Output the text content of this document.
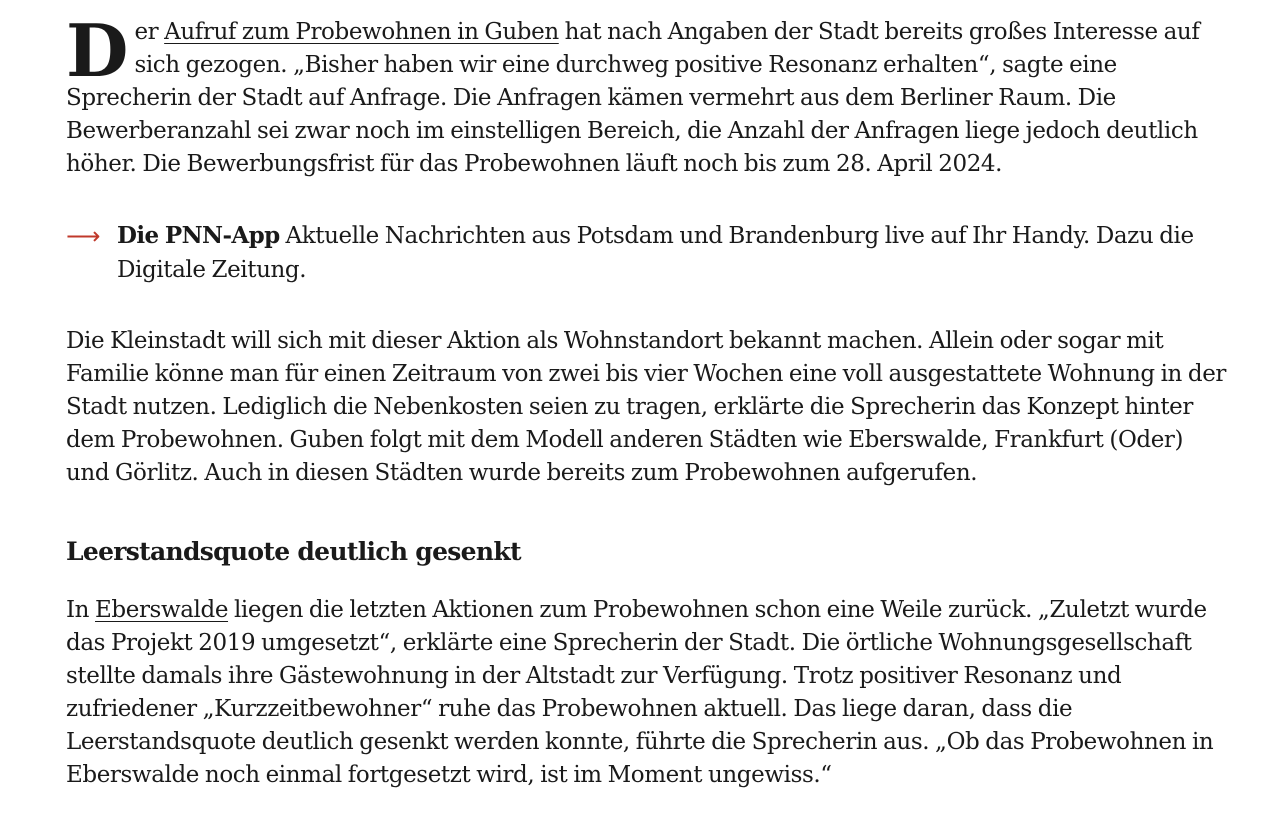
Der Aufruf zum Probewohnen in Guben hat nach Angaben der Stadt bereits großes Interesse auf sich gezogen. „Bisher haben wir eine durchweg positive Resonanz erhalten“, sagte eine Sprecherin der Stadt auf Anfrage. Die Anfragen kämen vermehrt aus dem Berliner Raum. Die Bewerberanzahl sei zwar noch im einstelligen Bereich, die Anzahl der Anfragen liege jedoch deutlich höher. Die Bewerbungsfrist für das Probewohnen läuft noch bis zum 28. April 2024.

⟶ Die PNN-App Aktuelle Nachrichten aus Potsdam und Brandenburg live auf Ihr Handy. Dazu die Digitale Zeitung.

Die Kleinstadt will sich mit dieser Aktion als Wohnstandort bekannt machen. Allein oder sogar mit Familie könne man für einen Zeitraum von zwei bis vier Wochen eine voll ausgestattete Wohnung in der Stadt nutzen. Lediglich die Nebenkosten seien zu tragen, erklärte die Sprecherin das Konzept hinter dem Probewohnen. Guben folgt mit dem Modell anderen Städten wie Eberswalde, Frankfurt (Oder) und Görlitz. Auch in diesen Städten wurde bereits zum Probewohnen aufgerufen.

Leerstandsquote deutlich gesenkt

In Eberswalde liegen die letzten Aktionen zum Probewohnen schon eine Weile zurück. „Zuletzt wurde das Projekt 2019 umgesetzt“, erklärte eine Sprecherin der Stadt. Die örtliche Wohnungsgesellschaft stellte damals ihre Gästewohnung in der Altstadt zur Verfügung. Trotz positiver Resonanz und zufriedener „Kurzzeitbewohner“ ruhe das Probewohnen aktuell. Das liege daran, dass die Leerstandsquote deutlich gesenkt werden konnte, führte die Sprecherin aus. „Ob das Probewohnen in Eberswalde noch einmal fortgesetzt wird, ist im Moment ungewiss.“
